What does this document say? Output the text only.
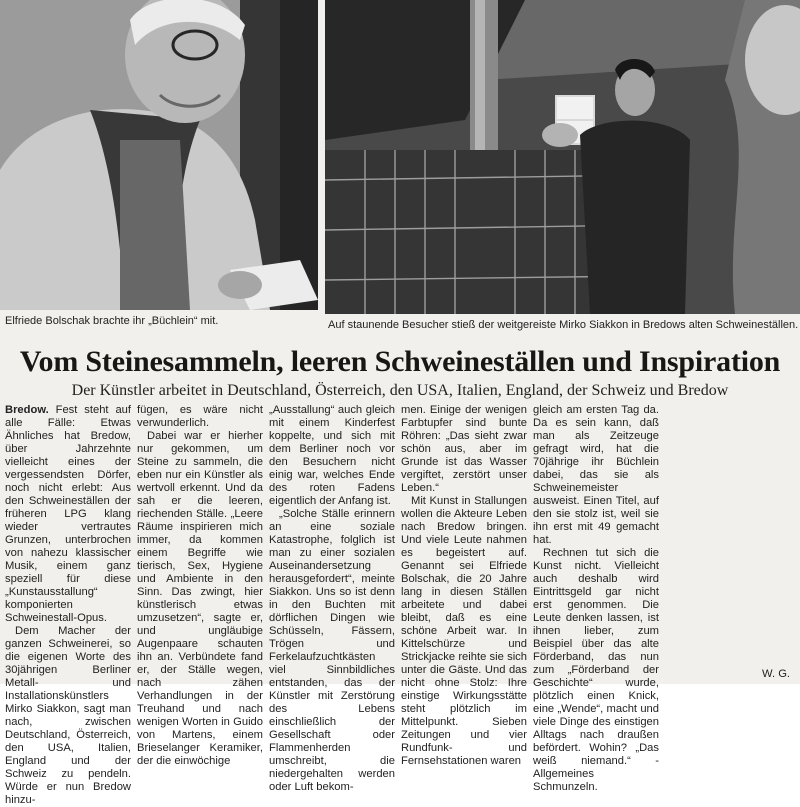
Elfriede Bolschak brachte ihr „Büchlein“ mit.	Auf staunende Besucher stieß der weitgereiste Mirko Siakkon in Bredows alten Schweineställen.
Vom Steinesammeln, leeren Schweineställen und Inspiration
Der Künstler arbeitet in Deutschland, Österreich, den USA, Italien, England, der Schweiz und Bredow

Bredow. Fest steht auf alle Fälle: Etwas Ähnliches hat Bredow, über Jahrzehnte vielleicht eines der vergessendsten Dörfer, noch nicht erlebt: Aus den Schweineställen der früheren LPG klang wieder vertrautes Grunzen, unterbrochen von nahezu klassischer Musik, einem ganz speziell für diese „Kunstausstallung“ komponierten Schweinestall-Opus.

Dem Macher der ganzen Schweinerei, so die eigenen Worte des 30jährigen Berliner Metall- und Installationskünstlers Mirko Siakkon, sagt man nach, zwischen Deutschland, Österreich, den USA, Italien, England und der Schweiz zu pendeln. Würde er nun Bredow hinzu-

fügen, es wäre nicht verwunderlich.

Dabei war er hierher nur gekommen, um Steine zu sammeln, die eben nur ein Künstler als wertvoll erkennt. Und da sah er die leeren, riechenden Ställe. „Leere Räume inspirieren mich immer, da kommen einem Begriffe wie tierisch, Sex, Hygiene und Ambiente in den Sinn. Das zwingt, hier künstlerisch etwas umzusetzen“, sagte er, und ungläubige Augenpaare schauten ihn an. Verbündete fand er, der Ställe wegen, nach zähen Verhandlungen in der Treuhand und nach wenigen Worten in Guido von Martens, einem Brieselanger Keramiker, der die einwöchige

„Ausstallung“ auch gleich mit einem Kinderfest koppelte, und sich mit dem Berliner noch vor den Besuchern nicht einig war, welches Ende des roten Fadens eigentlich der Anfang ist.

„Solche Ställe erinnern an eine soziale Katastrophe, folglich ist man zu einer sozialen Auseinandersetzung herausgefordert“, meinte Siakkon. Uns so ist denn in den Buchten mit dörflichen Dingen wie Schüsseln, Fässern, Trögen und Ferkelaufzuchtkästen viel Sinnbildliches entstanden, das der Künstler mit Zerstörung des Lebens einschließlich der Gesellschaft oder Flammenherden umschreibt, die niedergehalten werden oder Luft bekom-

men. Einige der wenigen Farbtupfer sind bunte Röhren: „Das sieht zwar schön aus, aber im Grunde ist das Wasser vergiftet, zerstört unser Leben.“

Mit Kunst in Stallungen wollen die Akteure Leben nach Bredow bringen. Und viele Leute nahmen es begeistert auf. Genannt sei Elfriede Bolschak, die 20 Jahre lang in diesen Ställen arbeitete und dabei bleibt, daß es eine schöne Arbeit war. In Kittelschürze und Strickjacke reihte sie sich unter die Gäste. Und das nicht ohne Stolz: Ihre einstige Wirkungsstätte steht plötzlich im Mittelpunkt. Sieben Zeitungen und vier Rundfunk- und Fernsehstationen waren

gleich am ersten Tag da. Da es sein kann, daß man als Zeitzeuge gefragt wird, hat die 70jährige ihr Büchlein dabei, das sie als Schweinemeister ausweist. Einen Titel, auf den sie stolz ist, weil sie ihn erst mit 49 gemacht hat.

Rechnen tut sich die Kunst nicht. Vielleicht auch deshalb wird Eintrittsgeld gar nicht erst genommen. Die Leute denken lassen, ist ihnen lieber, zum Beispiel über das alte Förderband, das nun zum „Förderband der Geschichte“ wurde, plötzlich einen Knick, eine „Wende“, macht und viele Dinge des einstigen Alltags nach draußen befördert. Wohin? „Das weiß niemand.“ - Allgemeines Schmunzeln.

W. G.
